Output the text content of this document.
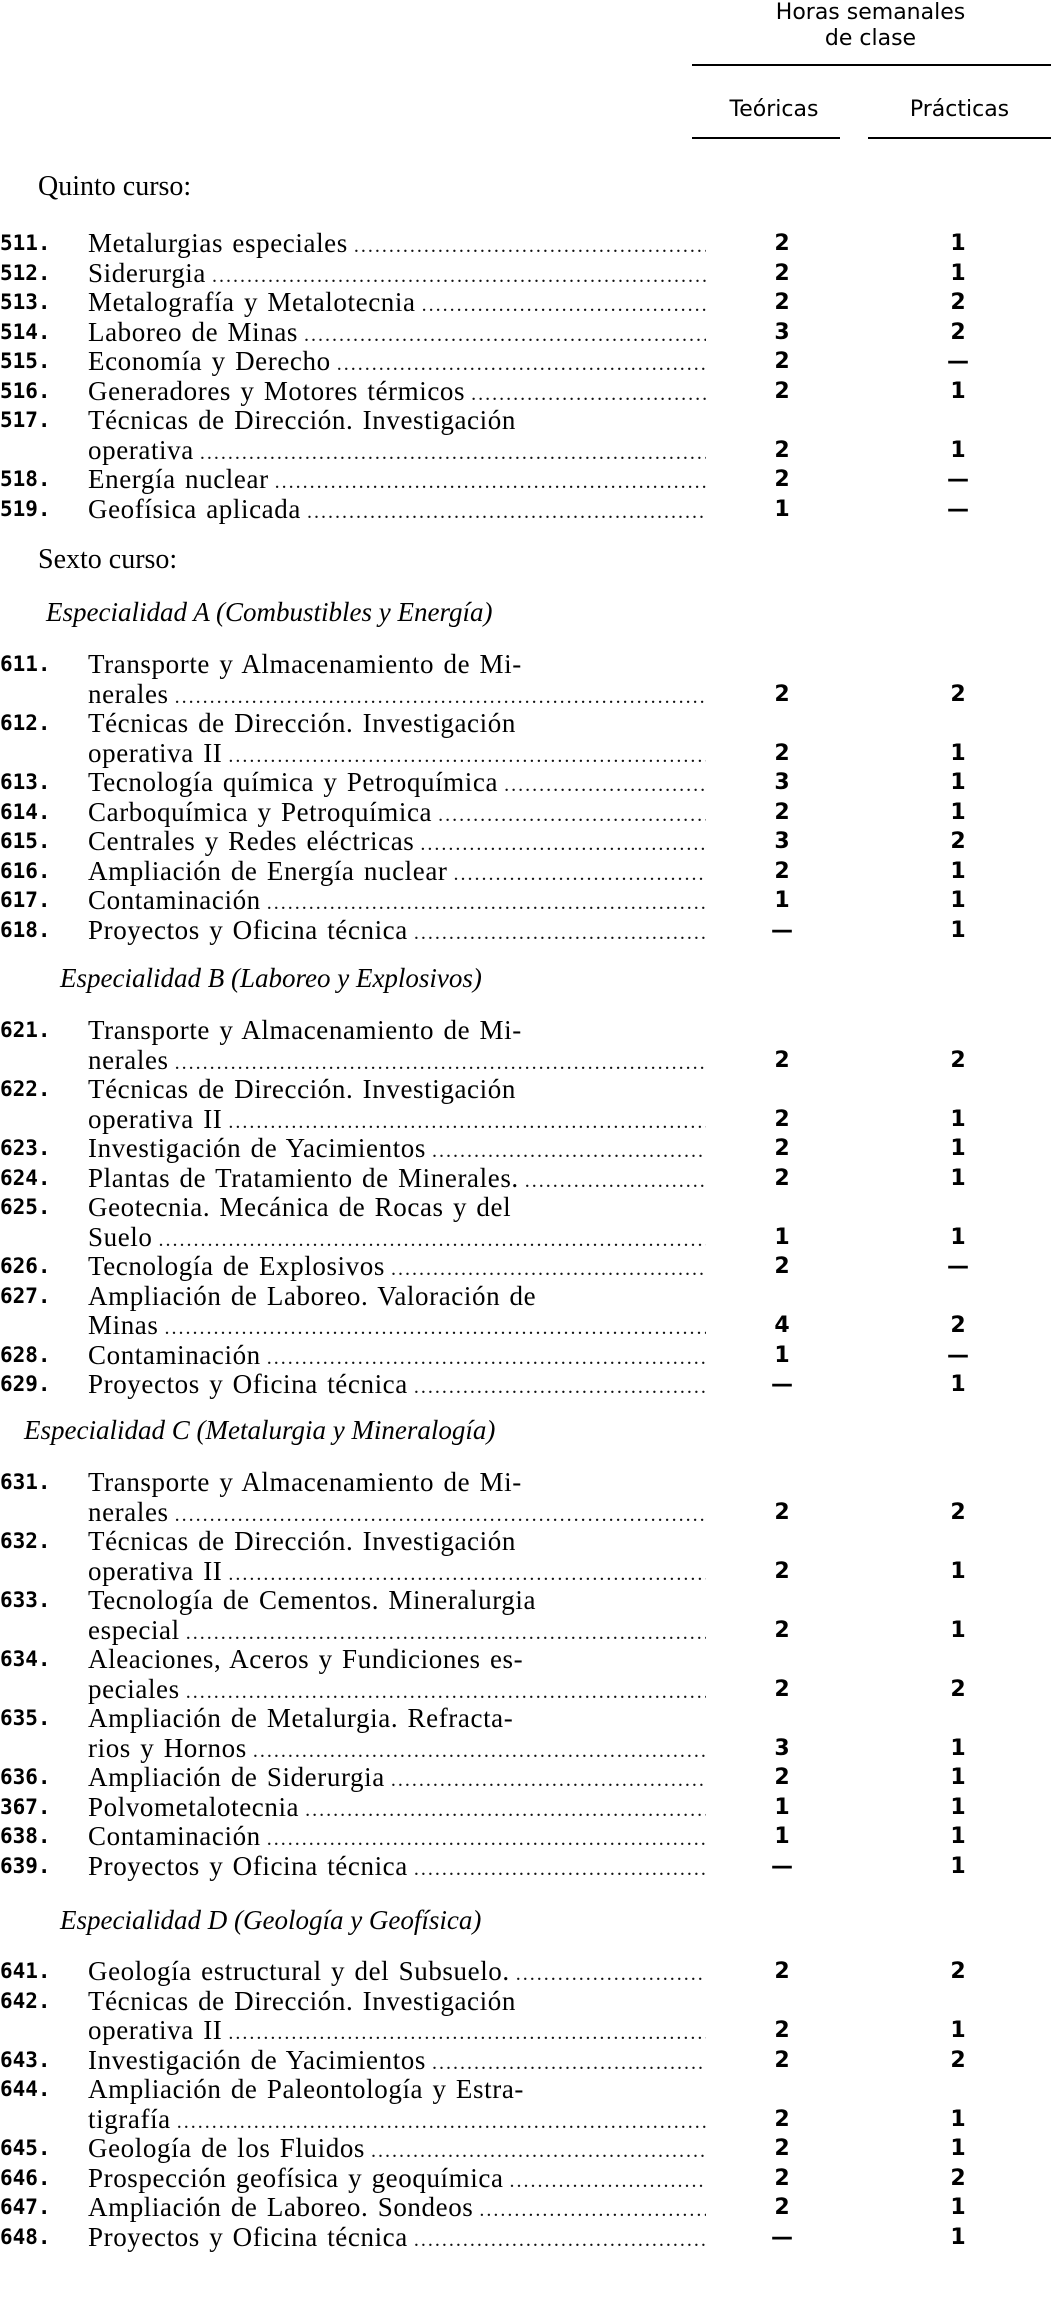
Horas semanales
de clase
Teóricas	Prácticas
Quinto curso:
511.	Metalurgias especiales .....	2	1
512.	Siderurgia .....	2	1
513.	Metalografía y Metalotecnia .....	2	2
514.	Laboreo de Minas .....	3	2
515.	Economía y Derecho .....	2	—
516.	Generadores y Motores térmicos .....	2	1
517.	Técnicas de Dirección. Investigación
operativa .....	2	1
518.	Energía nuclear .....	2	—
519.	Geofísica aplicada .....	1	—
Sexto curso:
Especialidad A (Combustibles y Energía)
611.	Transporte y Almacenamiento de Mi-
nerales .....	2	2
612.	Técnicas de Dirección. Investigación
operativa II .....	2	1
613.	Tecnología química y Petroquímica .....	3	1
614.	Carboquímica y Petroquímica .....	2	1
615.	Centrales y Redes eléctricas .....	3	2
616.	Ampliación de Energía nuclear .....	2	1
617.	Contaminación .....	1	1
618.	Proyectos y Oficina técnica .....	—	1
Especialidad B (Laboreo y Explosivos)
621.	Transporte y Almacenamiento de Mi-
nerales .....	2	2
622.	Técnicas de Dirección. Investigación
operativa II .....	2	1
623.	Investigación de Yacimientos .....	2	1
624.	Plantas de Tratamiento de Minerales. .....	2	1
625.	Geotecnia. Mecánica de Rocas y del
Suelo .....	1	1
626.	Tecnología de Explosivos .....	2	—
627.	Ampliación de Laboreo. Valoración de
Minas .....	4	2
628.	Contaminación .....	1	—
629.	Proyectos y Oficina técnica .....	—	1
Especialidad C (Metalurgia y Mineralogía)
631.	Transporte y Almacenamiento de Mi-
nerales .....	2	2
632.	Técnicas de Dirección. Investigación
operativa II .....	2	1
633.	Tecnología de Cementos. Mineralurgia
especial .....	2	1
634.	Aleaciones, Aceros y Fundiciones es-
peciales .....	2	2
635.	Ampliación de Metalurgia. Refracta-
rios y Hornos .....	3	1
636.	Ampliación de Siderurgia .....	2	1
367.	Polvometalotecnia .....	1	1
638.	Contaminación .....	1	1
639.	Proyectos y Oficina técnica .....	—	1
Especialidad D (Geología y Geofísica)
641.	Geología estructural y del Subsuelo. .....	2	2
642.	Técnicas de Dirección. Investigación
operativa II .....	2	1
643.	Investigación de Yacimientos .....	2	2
644.	Ampliación de Paleontología y Estra-
tigrafía .....	2	1
645.	Geología de los Fluidos .....	2	1
646.	Prospección geofísica y geoquímica .....	2	2
647.	Ampliación de Laboreo. Sondeos .....	2	1
648.	Proyectos y Oficina técnica .....	—	1
